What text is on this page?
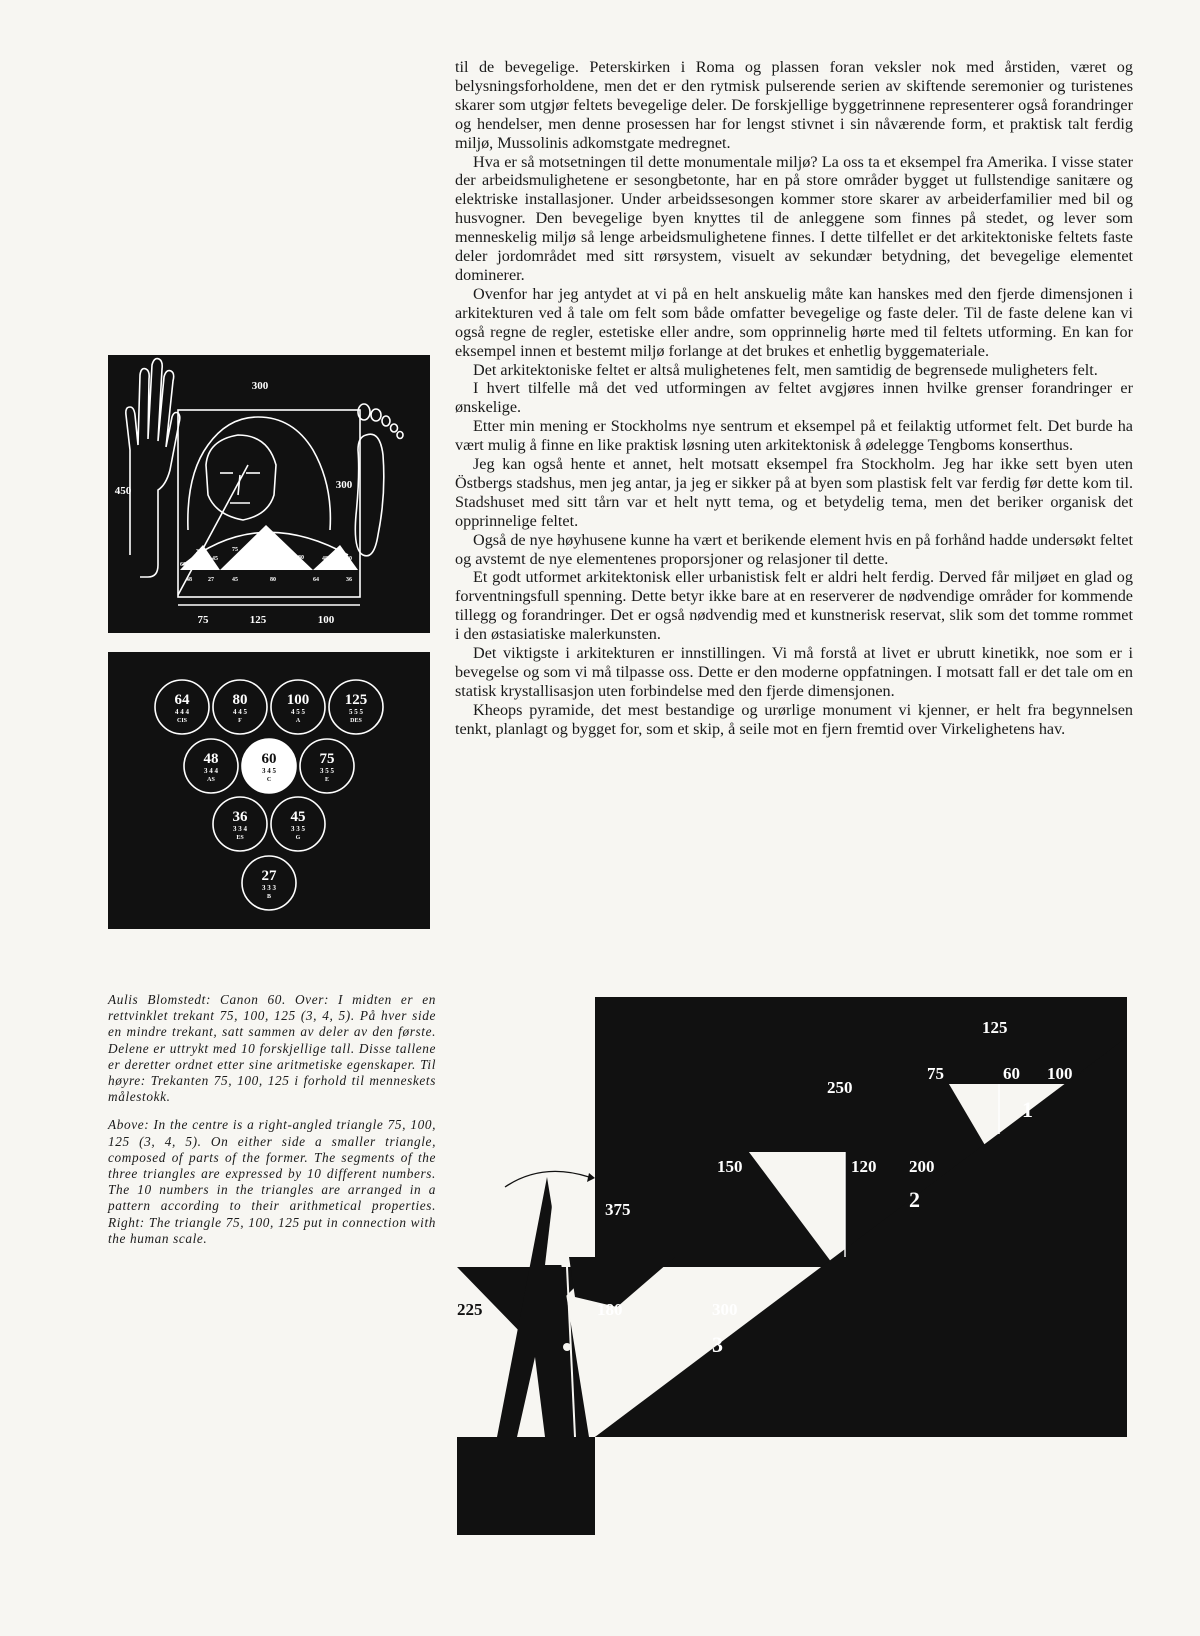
til de bevegelige. Peterskirken i Roma og plassen foran veksler nok med årstiden, været og belysningsforholdene, men det er den rytmisk pulserende serien av skiftende seremonier og turistenes skarer som utgjør feltets bevegelige deler. De forskjellige byggetrinnene representerer også forandringer og hendelser, men denne prosessen har for lengst stivnet i sin nåværende form, et praktisk talt ferdig miljø, Mussolinis adkomstgate medregnet.

Hva er så motsetningen til dette monumentale miljø? La oss ta et eksempel fra Amerika. I visse stater der arbeidsmulighetene er sesongbetonte, har en på store områder bygget ut fullstendige sanitære og elektriske installasjoner. Under arbeidssesongen kommer store skarer av arbeiderfamilier med bil og husvogner. Den bevegelige byen knyttes til de anleggene som finnes på stedet, og lever som menneskelig miljø så lenge arbeidsmulighetene finnes. I dette tilfellet er det arkitektoniske feltets faste deler jordområdet med sitt rørsystem, visuelt av sekundær betydning, det bevegelige elementet dominerer.

Ovenfor har jeg antydet at vi på en helt anskuelig måte kan hanskes med den fjerde dimensjonen i arkitekturen ved å tale om felt som både omfatter bevegelige og faste deler. Til de faste delene kan vi også regne de regler, estetiske eller andre, som opprinnelig hørte med til feltets utforming. En kan for eksempel innen et bestemt miljø forlange at det brukes et enhetlig byggemateriale.

Det arkitektoniske feltet er altså mulighetenes felt, men samtidig de begrensede muligheters felt.

I hvert tilfelle må det ved utformingen av feltet avgjøres innen hvilke grenser forandringer er ønskelige.

Etter min mening er Stockholms nye sentrum et eksempel på et feilaktig utformet felt. Det burde ha vært mulig å finne en like praktisk løsning uten arkitektonisk å ødelegge Tengboms konserthus.

Jeg kan også hente et annet, helt motsatt eksempel fra Stockholm. Jeg har ikke sett byen uten Östbergs stadshus, men jeg antar, ja jeg er sikker på at byen som plastisk felt var ferdig før dette kom til. Stadshuset med sitt tårn var et helt nytt tema, og et betydelig tema, men det beriker organisk det opprinnelige feltet.

Også de nye høyhusene kunne ha vært et berikende element hvis en på forhånd hadde undersøkt feltet og avstemt de nye elementenes proporsjoner og relasjoner til dette.

Et godt utformet arkitektonisk eller urbanistisk felt er aldri helt ferdig. Derved får miljøet en glad og forventningsfull spenning. Dette betyr ikke bare at en reserverer de nødvendige områder for kommende tillegg og forandringer. Det er også nødvendig med et kunstnerisk reservat, slik som det tomme rommet i den østasiatiske malerkunsten.

Det viktigste i arkitekturen er innstillingen. Vi må forstå at livet er ubrutt kinetikk, noe som er i bevegelse og som vi må tilpasse oss. Dette er den moderne oppfatningen. I motsatt fall er det tale om en statisk krystallisasjon uten forbindelse med den fjerde dimensjonen.

Kheops pyramide, det mest bestandige og urørlige monument vi kjenner, er helt fra begynnelsen tenkt, planlagt og bygget for, som et skip, å seile mot en fjern fremtid over Virkelighetens hav.

300
450	300
75	125	100
60
45
36	75
60
100
80
48	27	45	80	64	36
48	60
64
4 4 4
CIS
80
4 4 5
F
100
4 5 5
A
125
5 5 5
DES
48
3 4 4
AS
60
3 4 5
C
75
3 5 5
E
36
3 3 4
ES
45
3 3 5
G
27
3 3 3
B

Aulis Blomstedt: Canon 60. Over: I midten er en rettvinklet trekant 75, 100, 125 (3, 4, 5). På hver side en mindre trekant, satt sammen av deler av den første. Delene er uttrykt med 10 forskjellige tall. Disse tallene er deretter ordnet etter sine aritmetiske egenskaper. Til høyre: Trekanten 75, 100, 125 i forhold til menneskets målestokk.

Above: In the centre is a right-angled triangle 75, 100, 125 (3, 4, 5). On either side a smaller triangle, composed of parts of the former. The segments of the three triangles are expressed by 10 different numbers. The 10 numbers in the triangles are arranged in a pattern according to their arithmetical properties. Right: The triangle 75, 100, 125 put in connection with the human scale.

125
75	60 100
250
150	120 200
375
180	300
225
1
2
3
